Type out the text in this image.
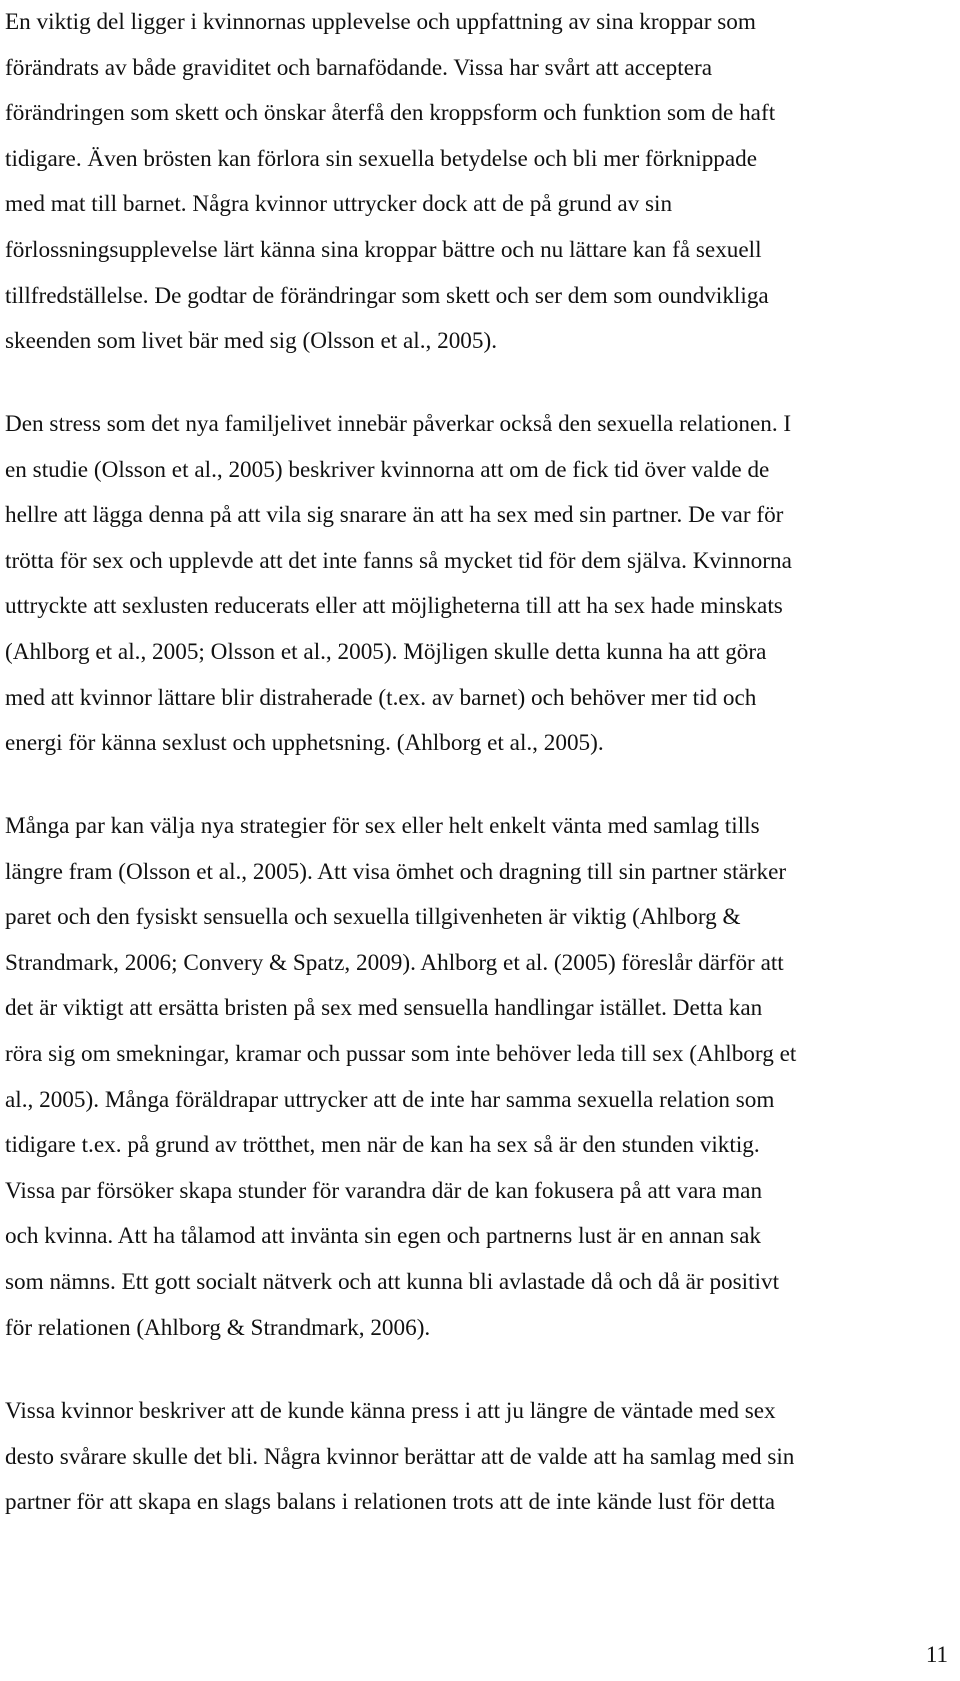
En viktig del ligger i kvinnornas upplevelse och uppfattning av sina kroppar som
förändrats av både graviditet och barnafödande. Vissa har svårt att acceptera
förändringen som skett och önskar återfå den kroppsform och funktion som de haft
tidigare. Även brösten kan förlora sin sexuella betydelse och bli mer förknippade
med mat till barnet. Några kvinnor uttrycker dock att de på grund av sin
förlossningsupplevelse lärt känna sina kroppar bättre och nu lättare kan få sexuell
tillfredställelse. De godtar de förändringar som skett och ser dem som oundvikliga
skeenden som livet bär med sig (Olsson et al., 2005).

Den stress som det nya familjelivet innebär påverkar också den sexuella relationen. I
en studie (Olsson et al., 2005) beskriver kvinnorna att om de fick tid över valde de
hellre att lägga denna på att vila sig snarare än att ha sex med sin partner. De var för
trötta för sex och upplevde att det inte fanns så mycket tid för dem själva. Kvinnorna
uttryckte att sexlusten reducerats eller att möjligheterna till att ha sex hade minskats
(Ahlborg et al., 2005; Olsson et al., 2005). Möjligen skulle detta kunna ha att göra
med att kvinnor lättare blir distraherade (t.ex. av barnet) och behöver mer tid och
energi för känna sexlust och upphetsning. (Ahlborg et al., 2005).

Många par kan välja nya strategier för sex eller helt enkelt vänta med samlag tills
längre fram (Olsson et al., 2005). Att visa ömhet och dragning till sin partner stärker
paret och den fysiskt sensuella och sexuella tillgivenheten är viktig (Ahlborg &
Strandmark, 2006; Convery & Spatz, 2009). Ahlborg et al. (2005) föreslår därför att
det är viktigt att ersätta bristen på sex med sensuella handlingar istället. Detta kan
röra sig om smekningar, kramar och pussar som inte behöver leda till sex (Ahlborg et
al., 2005). Många föräldrapar uttrycker att de inte har samma sexuella relation som
tidigare t.ex. på grund av trötthet, men när de kan ha sex så är den stunden viktig.
Vissa par försöker skapa stunder för varandra där de kan fokusera på att vara man
och kvinna. Att ha tålamod att invänta sin egen och partnerns lust är en annan sak
som nämns. Ett gott socialt nätverk och att kunna bli avlastade då och då är positivt
för relationen (Ahlborg & Strandmark, 2006).

Vissa kvinnor beskriver att de kunde känna press i att ju längre de väntade med sex
desto svårare skulle det bli. Några kvinnor berättar att de valde att ha samlag med sin
partner för att skapa en slags balans i relationen trots att de inte kände lust för detta

11
